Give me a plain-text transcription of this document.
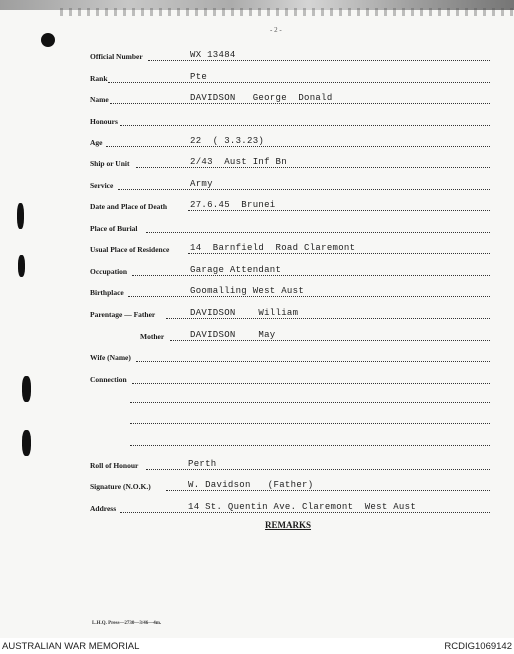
- 2 -
Official Number	WX 13484
Rank	Pte
Name	DAVIDSON   George  Donald
Honours
Age	22  ( 3.3.23)
Ship or Unit	2/43  Aust Inf Bn
Service	Army
Date and Place of Death	27.6.45  Brunei
Place of Burial
Usual Place of Residence 14  Barnfield  Road Claremont
Occupation	Garage Attendant
Birthplace	Goomalling West Aust
Parentage — Father	DAVIDSON    William
Mother	DAVIDSON    May
Wife (Name)
Connection
Roll of Honour	Perth
Signature (N.O.K.)	W. Davidson   (Father)
Address	14 St. Quentin Ave. Claremont  West Aust
REMARKS
L.H.Q. Press—2730—3/46—4m.
AUSTRALIAN WAR MEMORIAL	RCDIG1069142
